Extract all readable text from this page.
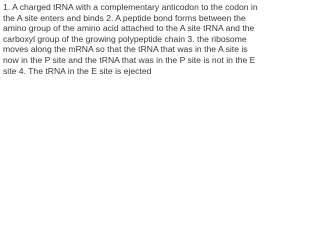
1. A charged tRNA with a complementary anticodon to the codon in the A site enters and binds 2. A peptide bond forms between the amino group of the amino acid attached to the A site tRNA and the carboxyl group of the growing polypeptide chain 3. the ribosome moves along the mRNA so that the tRNA that was in the A site is now in the P site and the tRNA that was in the P site is not in the E site 4. The tRNA in the E site is ejected
